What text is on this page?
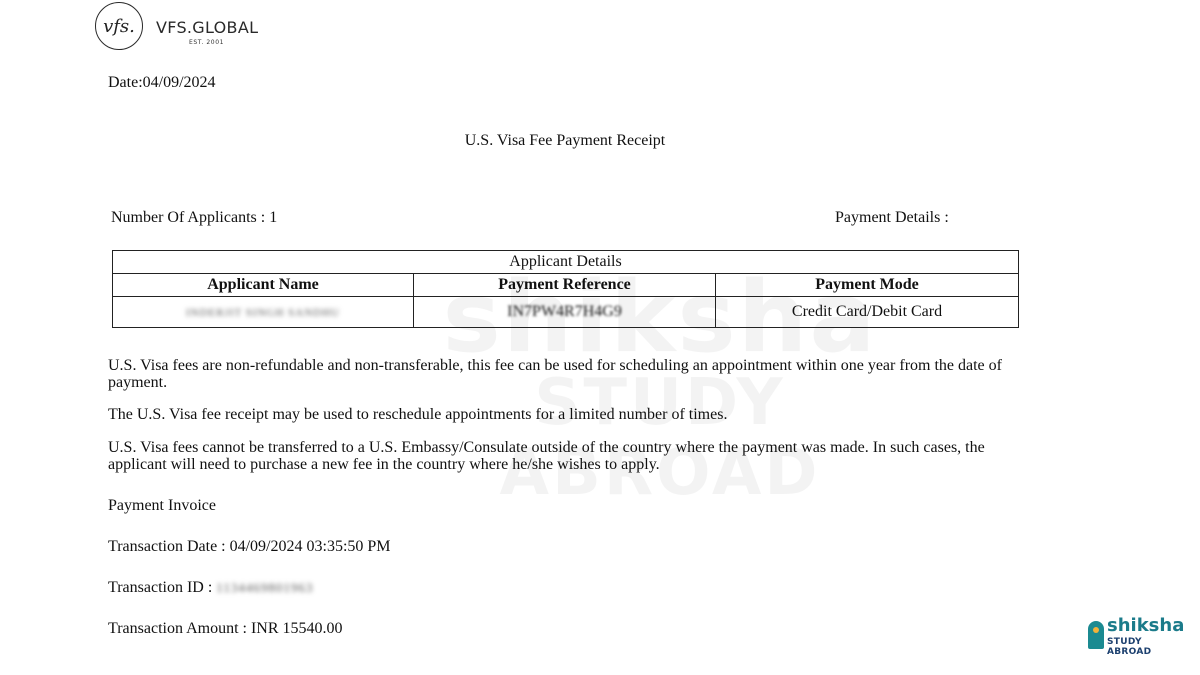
vfs.	VFS.GLOBAL
EST. 2001
Date:04/09/2024
U.S. Visa Fee Payment Receipt
Number Of Applicants : 1	Payment Details :
Applicant Details		
Applicant Name	Payment Reference	Payment Mode
INDERJIT SINGH SANDHU	IN7PW4R7H4G9	Credit Card/Debit Card
U.S. Visa fees are non-refundable and non-transferable, this fee can be used for scheduling an appointment within one year from the date of payment.
The U.S. Visa fee receipt may be used to reschedule appointments for a limited number of times.
U.S. Visa fees cannot be transferred to a U.S. Embassy/Consulate outside of the country where the payment was made. In such cases, the applicant will need to purchase a new fee in the country where he/she wishes to apply.
Payment Invoice
Transaction Date : 04/09/2024 03:35:50 PM
Transaction ID : 1134469801963
Transaction Amount : INR 15540.00	shiksha
STUDY ABROAD
